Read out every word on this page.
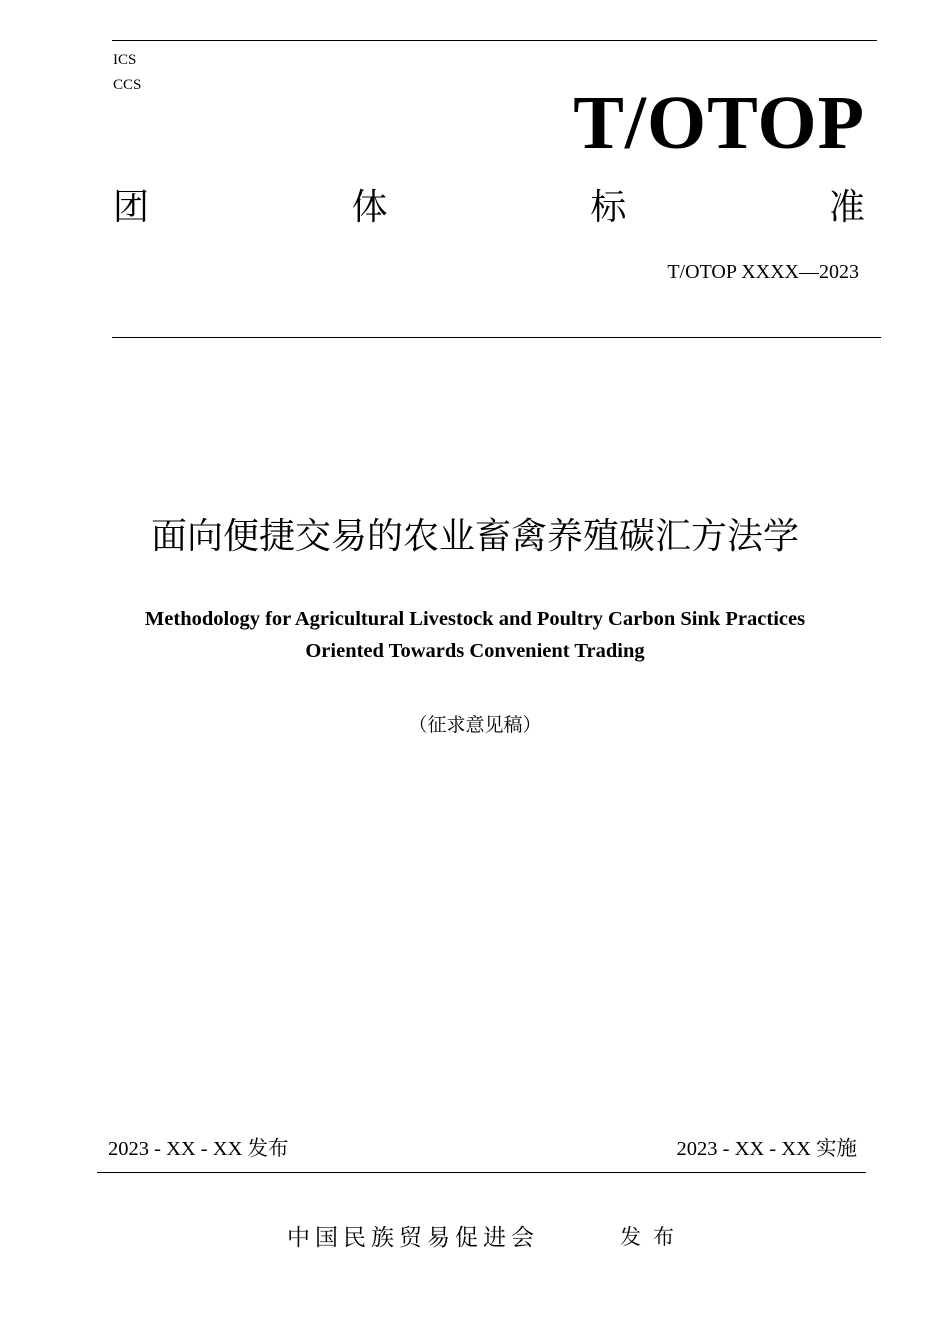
ICS
CCS	T/OTOP
团	体	标	准
T/OTOP XXXX—2023
面向便捷交易的农业畜禽养殖碳汇方法学
Methodology for Agricultural Livestock and Poultry Carbon Sink Practices
Oriented Towards Convenient Trading
（征求意见稿）
2023 - XX - XX 发布	2023 - XX - XX 实施
中国民族贸易促进会	发布
